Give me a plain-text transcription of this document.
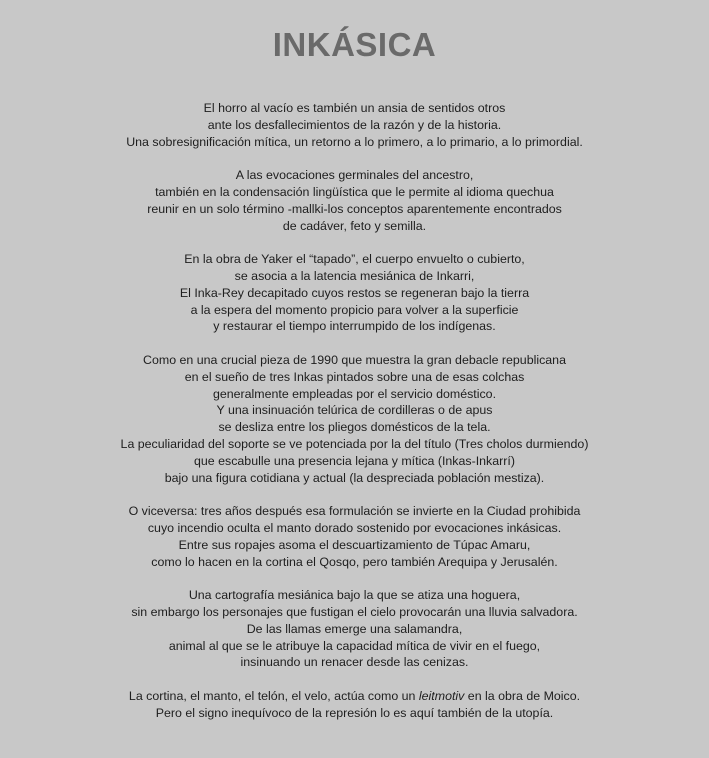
INKÁSICA
El horro al vacío es también un ansia de sentidos otros
ante los desfallecimientos de la razón y de la historia.
Una sobresignificación mítica, un retorno a lo primero, a lo primario, a lo primordial.
A las evocaciones germinales del ancestro,
también en la condensación lingüística que le permite al idioma quechua
reunir en un solo término -mallki-los conceptos aparentemente encontrados
de cadáver, feto y semilla.
En la obra de Yaker el “tapado”, el cuerpo envuelto o cubierto,
se asocia a la latencia mesiánica de Inkarri,
El Inka-Rey decapitado cuyos restos se regeneran bajo la tierra
a la espera del momento propicio para volver a la superficie
y restaurar el tiempo interrumpido de los indígenas.
Como en una crucial pieza de 1990 que muestra la gran debacle republicana
en el sueño de tres Inkas pintados sobre una de esas colchas
generalmente empleadas por el servicio doméstico.
Y una insinuación telúrica de cordilleras o de apus
se desliza entre los pliegos domésticos de la tela.
La peculiaridad del soporte se ve potenciada por la del título (Tres cholos durmiendo)
que escabulle una presencia lejana y mítica (Inkas-Inkarrí)
bajo una figura cotidiana y actual (la despreciada población mestiza).
O viceversa: tres años después esa formulación se invierte en la Ciudad prohibida
cuyo incendio oculta el manto dorado sostenido por evocaciones inkásicas.
Entre sus ropajes asoma el descuartizamiento de Túpac Amaru,
como lo hacen en la cortina el Qosqo, pero también Arequipa y Jerusalén.
Una cartografía mesiánica bajo la que se atiza una hoguera,
sin embargo los personajes que fustigan el cielo provocarán una lluvia salvadora.
De las llamas emerge una salamandra,
animal al que se le atribuye la capacidad mítica de vivir en el fuego,
insinuando un renacer desde las cenizas.
La cortina, el manto, el telón, el velo, actúa como un leitmotiv en la obra de Moico.
Pero el signo inequívoco de la represión lo es aquí también de la utopía.
